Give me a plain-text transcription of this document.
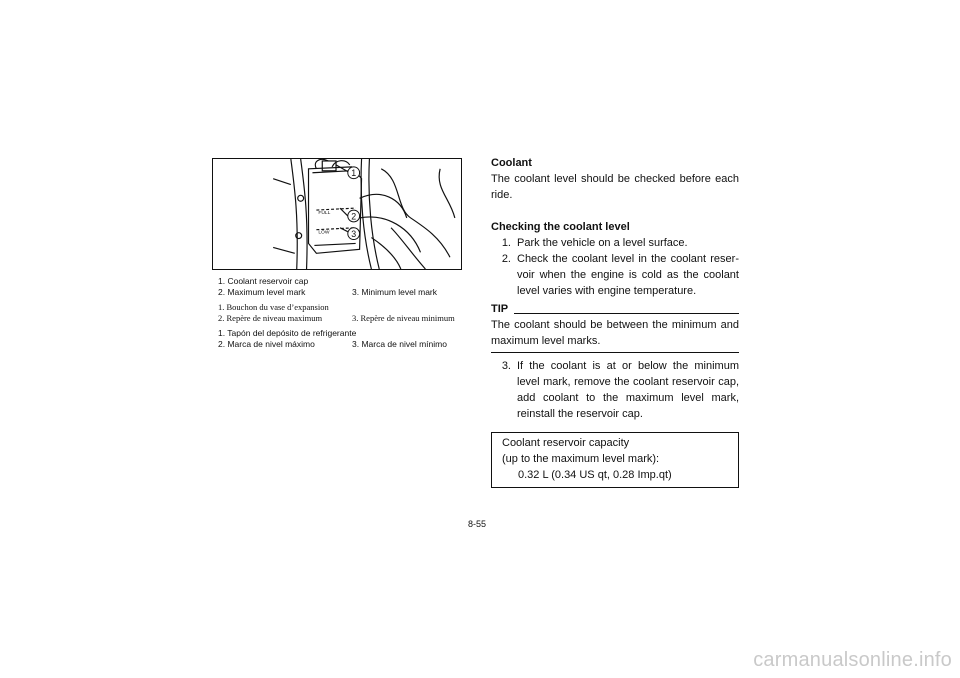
FULL
LOW
1
2
3
1. Coolant reservoir cap
2. Maximum level mark	3. Minimum level mark
1. Bouchon du vase d’expansion
2. Repère de niveau maximum	3. Repère de niveau minimum
1. Tapón del depósito de refrigerante
2. Marca de nivel máximo	3. Marca de nivel mínimo

Coolant

The coolant level should be checked before each ride.

Checking the coolant level

1. Park the vehicle on a level surface.
2. Check the coolant level in the coolant reser-voir when the engine is cold as the coolant level varies with engine temperature.
TIP

The coolant should be between the minimum and maximum level marks.

3. If the coolant is at or below the minimum level mark, remove the coolant reservoir cap, add coolant to the maximum level mark, reinstall the reservoir cap.
Coolant reservoir capacity
(up to the maximum level mark):
0.32 L (0.34 US qt, 0.28 Imp.qt)
8-55
carmanualsonline.info
